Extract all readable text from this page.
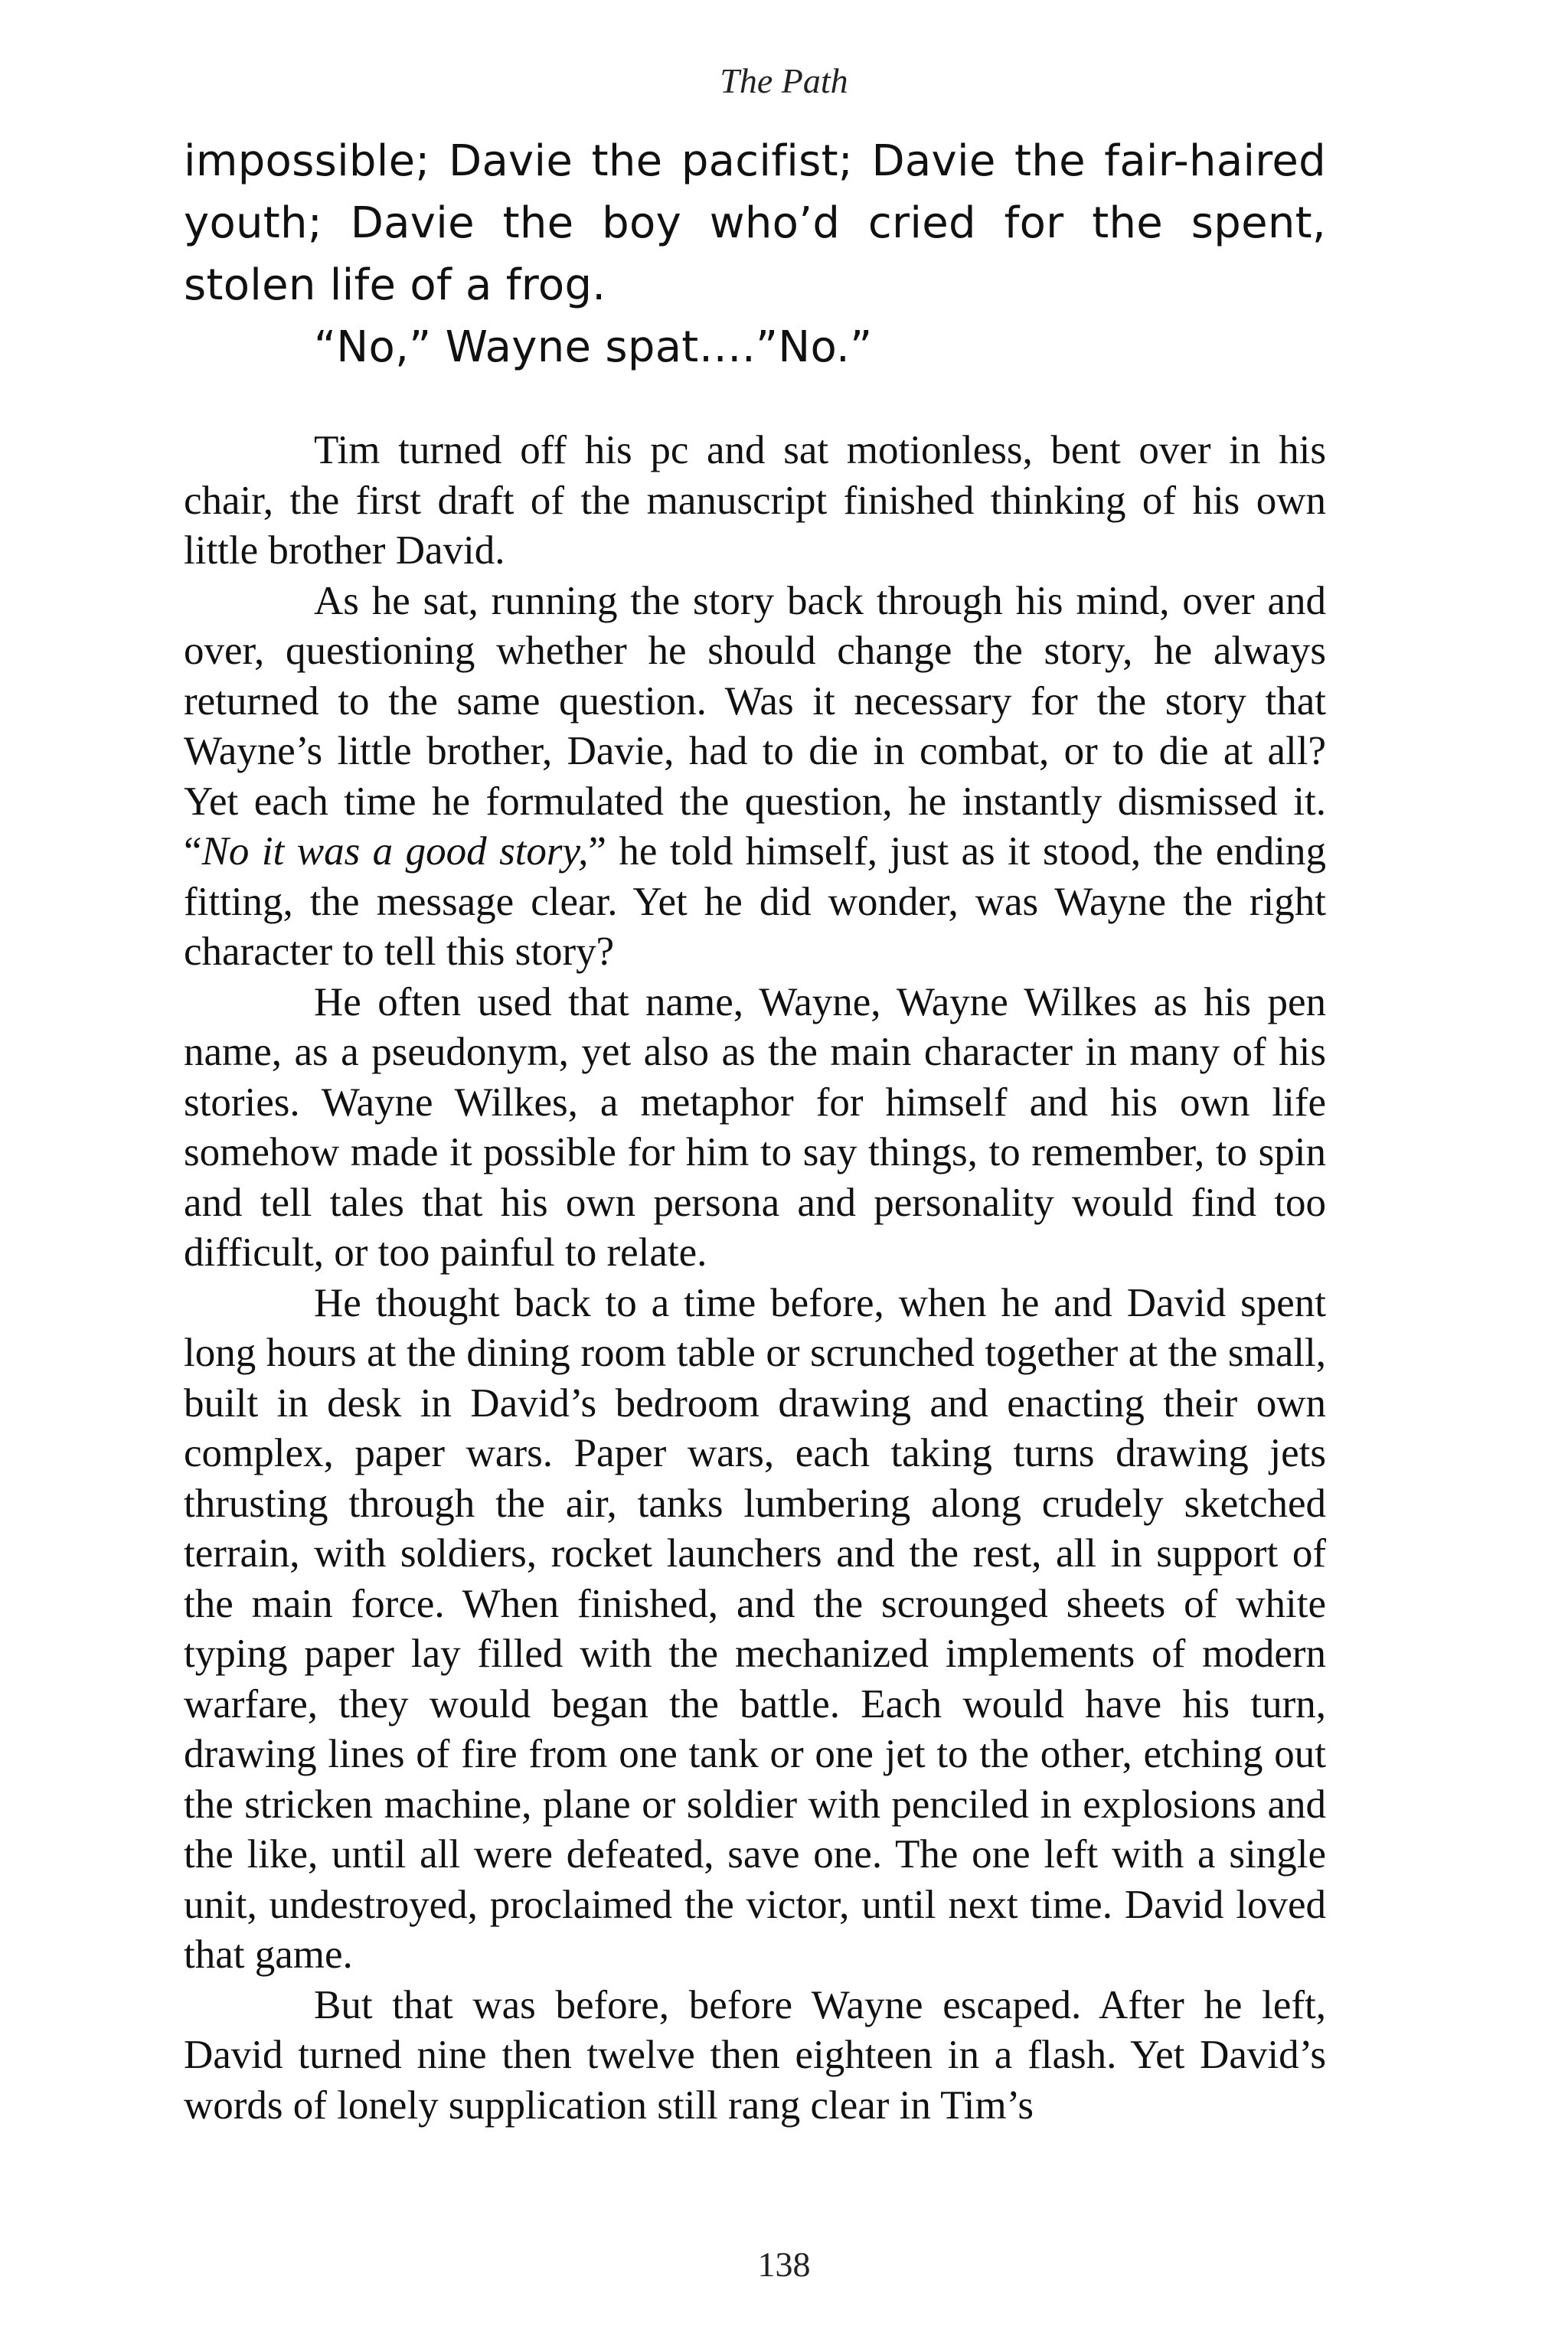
The Path

impossible; Davie the pacifist; Davie the fair-haired youth; Davie the boy who’d cried for the spent, stolen life of a frog.

“No,” Wayne spat….”No.”

Tim turned off his pc and sat motionless, bent over in his chair, the first draft of the manuscript finished thinking of his own little brother David.

As he sat, running the story back through his mind, over and over, questioning whether he should change the story, he always returned to the same question. Was it necessary for the story that Wayne’s little brother, Davie, had to die in combat, or to die at all? Yet each time he formulated the question, he instantly dismissed it. “No it was a good story,” he told himself, just as it stood, the ending fitting, the message clear. Yet he did wonder, was Wayne the right character to tell this story?

He often used that name, Wayne, Wayne Wilkes as his pen name, as a pseudonym, yet also as the main character in many of his stories. Wayne Wilkes, a metaphor for himself and his own life somehow made it possible for him to say things, to remember, to spin and tell tales that his own persona and personality would find too difficult, or too painful to relate.

He thought back to a time before, when he and David spent long hours at the dining room table or scrunched together at the small, built in desk in David’s bedroom drawing and enacting their own complex, paper wars. Paper wars, each taking turns drawing jets thrusting through the air, tanks lumbering along crudely sketched terrain, with soldiers, rocket launchers and the rest, all in support of the main force. When finished, and the scrounged sheets of white typing paper lay filled with the mechanized implements of modern warfare, they would began the battle. Each would have his turn, drawing lines of fire from one tank or one jet to the other, etching out the stricken machine, plane or soldier with penciled in explosions and the like, until all were defeated, save one. The one left with a single unit, undestroyed, proclaimed the victor, until next time. David loved that game.

But that was before, before Wayne escaped. After he left, David turned nine then twelve then eighteen in a flash. Yet David’s words of lonely supplication still rang clear in Tim’s

138
